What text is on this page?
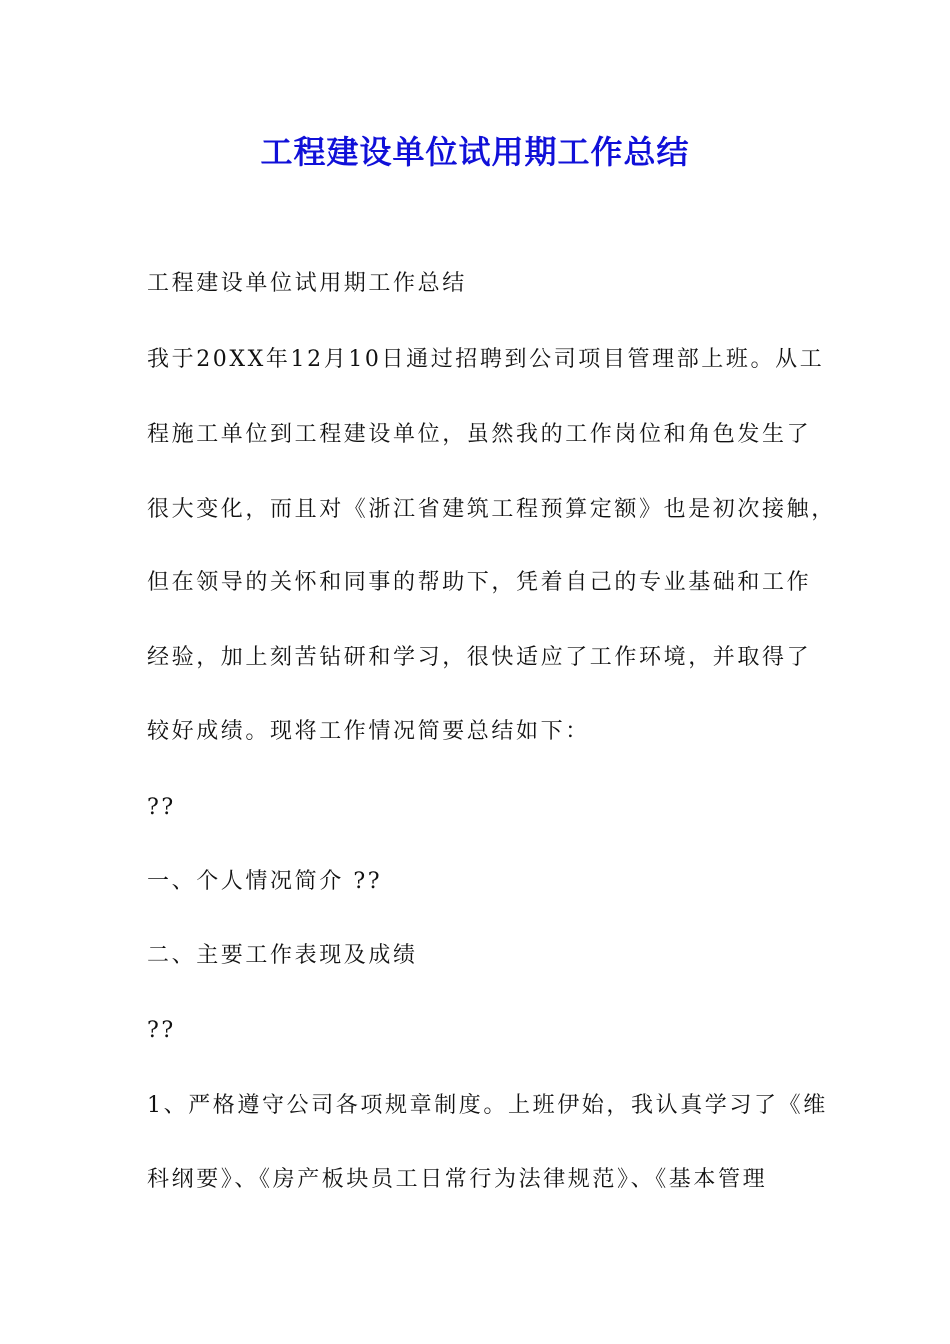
工程建设单位试用期工作总结

工程建设单位试用期工作总结

我于20XX年12月10日通过招聘到公司项目管理部上班。从工

程施工单位到工程建设单位，虽然我的工作岗位和角色发生了

很大变化，而且对《浙江省建筑工程预算定额》也是初次接触，

但在领导的关怀和同事的帮助下，凭着自己的专业基础和工作

经验，加上刻苦钻研和学习，很快适应了工作环境，并取得了

较好成绩。现将工作情况简要总结如下：

??

一、个人情况简介 ??

二、主要工作表现及成绩

??

1、严格遵守公司各项规章制度。上班伊始，我认真学习了《维

科纲要》、《房产板块员工日常行为法律规范》、《基本管理
